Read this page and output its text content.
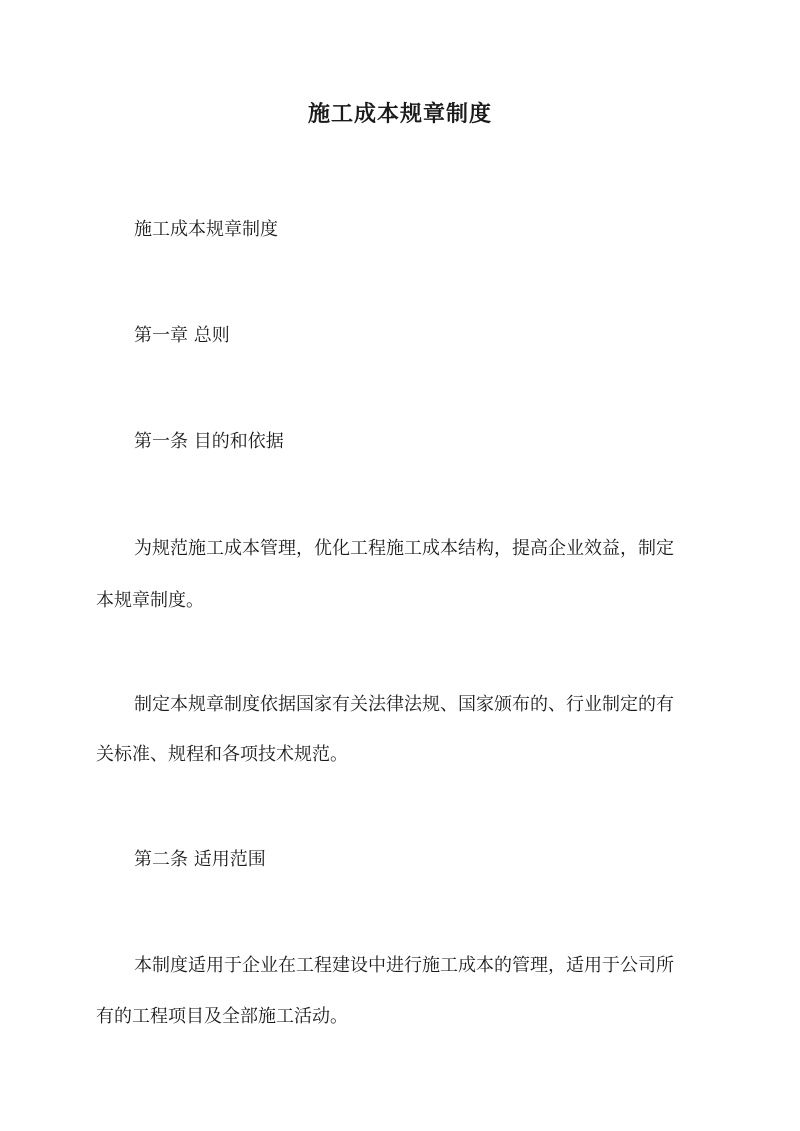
施工成本规章制度

施工成本规章制度

第一章 总则

第一条 目的和依据

为规范施工成本管理，优化工程施工成本结构，提高企业效益，制定

本规章制度。

制定本规章制度依据国家有关法律法规、国家颁布的、行业制定的有

关标准、规程和各项技术规范。

第二条 适用范围

本制度适用于企业在工程建设中进行施工成本的管理，适用于公司所

有的工程项目及全部施工活动。
